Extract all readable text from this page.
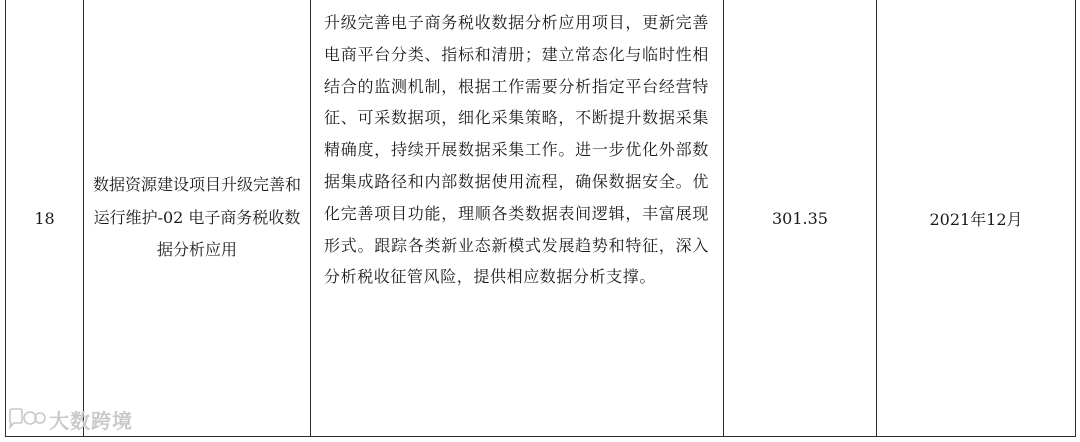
18
数据资源建设项目升级完善和运行维护-02 电子商务税收数据分析应用
升级完善电子商务税收数据分析应用项目，更新完善电商平台分类、指标和清册；建立常态化与临时性相结合的监测机制，根据工作需要分析指定平台经营特征、可采数据项，细化采集策略，不断提升数据采集精确度，持续开展数据采集工作。进一步优化外部数据集成路径和内部数据使用流程，确保数据安全。优化完善项目功能，理顺各类数据表间逻辑，丰富展现形式。跟踪各类新业态新模式发展趋势和特征，深入分析税收征管风险，提供相应数据分析支撑。
301.35	2021年12月
大数跨境
